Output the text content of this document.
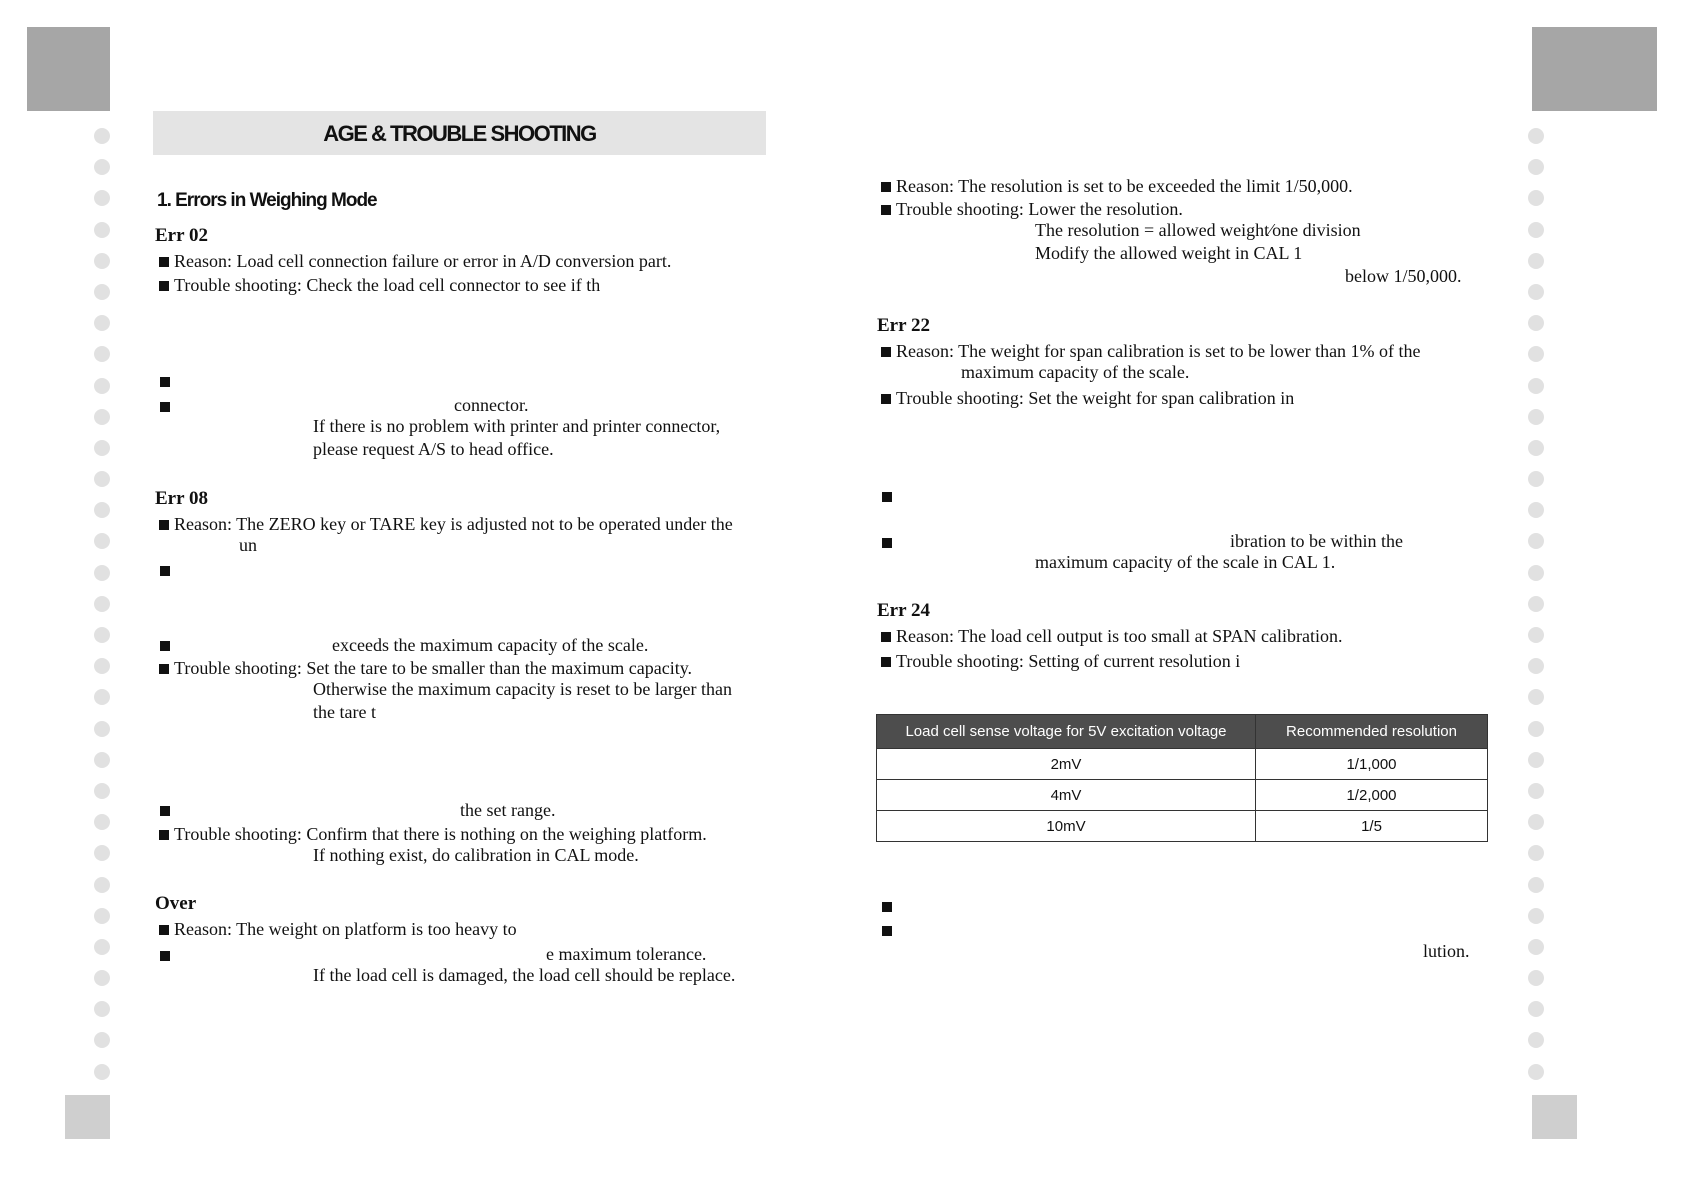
AGE & TROUBLE SHOOTING
1. Errors in Weighing Mode
Err 02
Reason: Load cell connection failure or error in A/D conversion part.
Trouble shooting: Check the load cell connector to see if th
connector.
If there is no problem with printer and printer connector,
please request A/S to head office.
Err 08
Reason: The ZERO key or TARE key is adjusted not to be operated under the
un
exceeds the maximum capacity of the scale.
Trouble shooting: Set the tare to be smaller than the maximum capacity.
Otherwise the maximum capacity is reset to be larger than
the tare t
the set range.
Trouble shooting: Confirm that there is nothing on the weighing platform.
If nothing exist, do calibration in CAL mode.
Over
Reason: The weight on platform is too heavy to
e maximum tolerance.
If the load cell is damaged, the load cell should be replace.
Reason: The resolution is set to be exceeded the limit 1/50,000.
Trouble shooting: Lower the resolution.
The resolution = allowed weight⁄one division
Modify the allowed weight in CAL 1
below 1/50,000.
Err 22
Reason: The weight for span calibration is set to be lower than 1% of the
maximum capacity of the scale.
Trouble shooting: Set the weight for span calibration in
ibration to be within the
maximum capacity of the scale in CAL 1.
Err 24
Reason: The load cell output is too small at SPAN calibration.
Trouble shooting: Setting of current resolution i
Load cell sense voltage for 5V excitation voltage	Recommended resolution
2mV	1/1,000
4mV	1/2,000
10mV	1/5
lution.
